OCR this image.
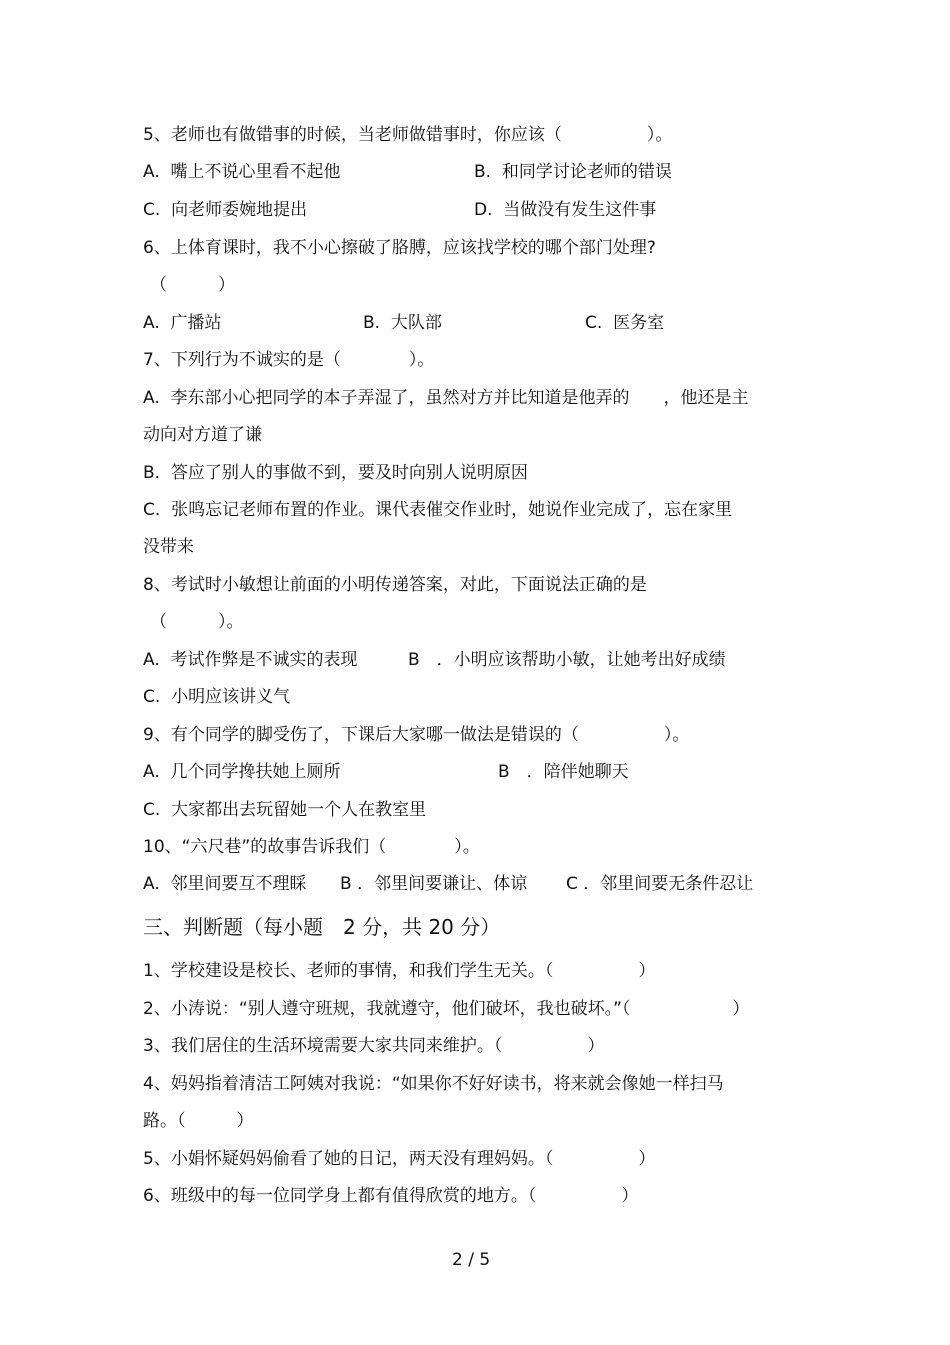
5、老师也有做错事的时候，当老师做错事时，你应该（　　　　　）。
A.  嘴上不说心里看不起他	B.  和同学讨论老师的错误
C.  向老师委婉地提出	D.  当做没有发生这件事
6、上体育课时，我不小心擦破了胳膊，应该找学校的哪个部门处理?
（　　　）
A.  广播站	B.  大队部	C.  医务室
7、下列行为不诚实的是（　　　　）。
A.  李东部小心把同学的本子弄湿了，虽然对方并比知道是他弄的　　，他还是主
动向对方道了谦
B.  答应了别人的事做不到，要及时向别人说明原因
C.  张鸣忘记老师布置的作业。课代表催交作业时，她说作业完成了，忘在家里
没带来
8、考试时小敏想让前面的小明传递答案，对此，下面说法正确的是
（　　　）。
A.  考试作弊是不诚实的表现	B　．小明应该帮助小敏，让她考出好成绩
C.  小明应该讲义气
9、有个同学的脚受伤了，下课后大家哪一做法是错误的（　　　　　）。
A.  几个同学搀扶她上厕所	B　．陪伴她聊天
C.  大家都出去玩留她一个人在教室里
10、“六尺巷”的故事告诉我们（　　　　）。
A.  邻里间要互不理睬 B ．邻里间要谦让、体谅 C ．邻里间要无条件忍让
三、判断题（每小题　2 分，共 20 分）
1、学校建设是校长、老师的事情，和我们学生无关。（　　　　　）
2、小涛说：“别人遵守班规，我就遵守，他们破坏，我也破坏。”（　　　　　　）
3、我们居住的生活环境需要大家共同来维护。（　　　　　）
4、妈妈指着清洁工阿姨对我说：“如果你不好好读书，将来就会像她一样扫马
路。（　　　）
5、小娟怀疑妈妈偷看了她的日记，两天没有理妈妈。（　　　　　）
6、班级中的每一位同学身上都有值得欣赏的地方。（　　　　　）
2 / 5
